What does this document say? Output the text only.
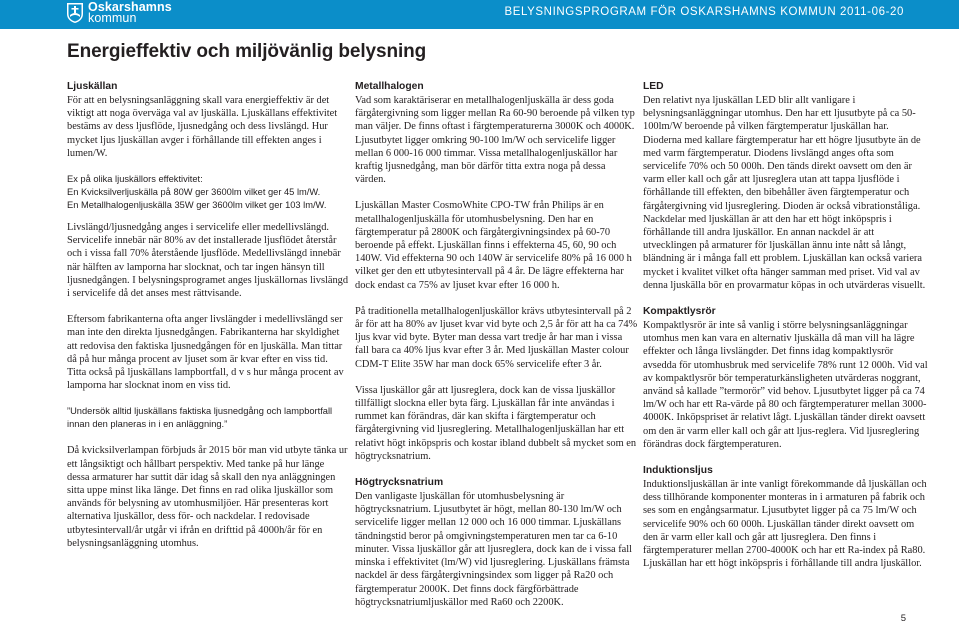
Oskarshamns
kommun	BELYSNINGSPROGRAM FÖR OSKARSHAMNS KOMMUN 2011-06-20
Energieffektiv och miljövänlig belysning
Ljuskällan
För att en belysningsanläggning skall vara energieffektiv är det viktigt att noga överväga val av ljuskälla. Ljuskällans effektivitet bestäms av dess ljusflöde, ljusnedgång och dess livslängd. Hur mycket ljus ljuskällan avger i förhållande till effekten anges i lumen/W.
Ex på olika ljuskällors effektivitet:
En Kvicksilverljuskälla på 80W ger 3600lm vilket ger 45 lm/W.
En Metallhalogenljuskälla 35W ger 3600lm vilket ger 103 lm/W.
Livslängd/ljusnedgång anges i servicelife eller medellivslängd. Servicelife innebär när 80% av det installerade ljusflödet återstår och i vissa fall 70% återstående ljusflöde. Medellivslängd innebär när hälften av lamporna har slocknat, och tar ingen hänsyn till ljusnedgången. I belysningsprogramet anges ljuskällornas livslängd i servicelife då det anses mest rättvisande.
Eftersom fabrikanterna ofta anger livslängder i medellivslängd ser man inte den direkta ljusnedgången. Fabrikanterna har skyldighet att redovisa den faktiska ljusnedgången för en ljuskälla. Man tittar då på hur många procent av ljuset som är kvar efter en viss tid. Titta också på ljuskällans lampbortfall, d v s hur många procent av lamporna har slocknat inom en viss tid.
”Undersök alltid ljuskällans faktiska ljusnedgång och lampbortfall innan den planeras in i en anläggning.”
Då kvicksilverlampan förbjuds år 2015 bör man vid utbyte tänka ur ett långsiktigt och hållbart perspektiv. Med tanke på hur länge dessa armaturer har suttit där idag så skall den nya anläggningen sitta uppe minst lika länge. Det finns en rad olika ljuskällor som används för belysning av utomhusmiljöer. Här presenteras kort alternativa ljuskällor, dess för- och nackdelar. I redovisade utbytesintervall/år utgår vi ifrån en drifttid på 4000h/år för en belysningsanläggning utomhus.
Metallhalogen
Vad som karaktäriserar en metallhalogenljuskälla är dess goda färgåtergivning som ligger mellan Ra 60-90 beroende på vilken typ man väljer. De finns oftast i färgtemperaturerna 3000K och 4000K. Ljusutbytet ligger omkring 90-100 lm/W och servicelife ligger mellan 6 000-16 000 timmar. Vissa metallhalogenljuskällor har kraftig ljusnedgång, man bör därför titta extra noga på dessa värden.
Ljuskällan Master CosmoWhite CPO-TW från Philips är en metallhalogenljuskälla för utomhusbelysning. Den har en färgtemperatur på 2800K och färgåtergivningsindex på 60-70 beroende på effekt. Ljuskällan finns i effekterna 45, 60, 90 och 140W. Vid effekterna 90 och 140W är servicelife 80% på 16 000 h vilket ger den ett utbytesintervall på 4 år. De lägre effekterna har dock endast ca 75% av ljuset kvar efter 16 000 h.
På traditionella metallhalogenljuskällor krävs utbytesintervall på 2 år för att ha 80% av ljuset kvar vid byte och 2,5 år för att ha ca 74% ljus kvar vid byte. Byter man dessa vart tredje år har man i vissa fall bara ca 40% ljus kvar efter 3 år. Med ljuskällan Master colour CDM-T Elite 35W har man dock 65% servicelife efter 3 år.
Vissa ljuskällor går att ljusreglera, dock kan de vissa ljuskällor tillfälligt slockna eller byta färg. Ljuskällan får inte användas i rummet kan förändras, där kan skifta i färgtemperatur och färgåtergivning vid ljusreglering. Metallhalogenljuskällan har ett relativt högt inköpspris och kostar ibland dubbelt så mycket som en högtrycksnatrium.
Högtrycksnatrium
Den vanligaste ljuskällan för utomhusbelysning är högtrycksnatrium. Ljusutbytet är högt, mellan 80-130 lm/W och servicelife ligger mellan 12 000 och 16 000 timmar. Ljuskällans tändningstid beror på omgivningstemperaturen men tar ca 6-10 minuter. Vissa ljuskällor går att ljusreglera, dock kan de i vissa fall minska i effektivitet (lm/W) vid ljusreglering. Ljuskällans främsta nackdel är dess färgåtergivningsindex som ligger på Ra20 och färgtemperatur 2000K. Det finns dock färgförbättrade högtrycksnatriumljuskällor med Ra60 och 2200K.
LED
Den relativt nya ljuskällan LED blir allt vanligare i belysningsanläggningar utomhus. Den har ett ljusutbyte på ca 50-100lm/W beroende på vilken färgtemperatur ljuskällan har. Dioderna med kallare färgtemperatur har ett högre ljusutbyte än de med varm färgtemperatur. Diodens livslängd anges ofta som servicelife 70% och 50 000h. Den tänds direkt oavsett om den är varm eller kall och går att ljusreglera utan att tappa ljusflöde i förhållande till effekten, den bibehåller även färgtemperatur och färgåtergivning vid ljusreglering. Dioden är också vibrationståliga. Nackdelar med ljuskällan är att den har ett högt inköpspris i förhållande till andra ljuskällor. En annan nackdel är att utvecklingen på armaturer för ljuskällan ännu inte nått så långt, bländning är i många fall ett problem. Ljuskällan kan också variera mycket i kvalitet vilket ofta hänger samman med priset. Vid val av denna ljuskälla bör en provarmatur köpas in och utvärderas visuellt.
Kompaktlysrör
Kompaktlysrör är inte så vanlig i större belysningsanläggningar utomhus men kan vara en alternativ ljuskälla då man vill ha lägre effekter och långa livslängder. Det finns idag kompaktlysrör avsedda för utomhusbruk med servicelife 78% runt 12 000h. Vid val av kompaktlysrör bör temperaturkänsligheten utvärderas noggrant, använd så kallade ”termorör” vid behov. Ljusutbytet ligger på ca 74 lm/W och har ett Ra-värde på 80 och färgtemperaturer mellan 3000-4000K. Inköpspriset är relativt lågt. Ljuskällan tänder direkt oavsett om den är varm eller kall och går att ljus-reglera. Vid ljusreglering förändras dock färgtemperaturen.
Induktionsljus
Induktionsljuskällan är inte vanligt förekommande då ljuskällan och dess tillhörande komponenter monteras in i armaturen på fabrik och ses som en engångsarmatur. Ljusutbytet ligger på ca 75 lm/W och servicelife 90% och 60 000h. Ljuskällan tänder direkt oavsett om den är varm eller kall och går att ljusreglera. Den finns i färgtemperaturer mellan 2700-4000K och har ett Ra-index på Ra80. Ljuskällan har ett högt inköpspris i förhållande till andra ljuskällor.
5
